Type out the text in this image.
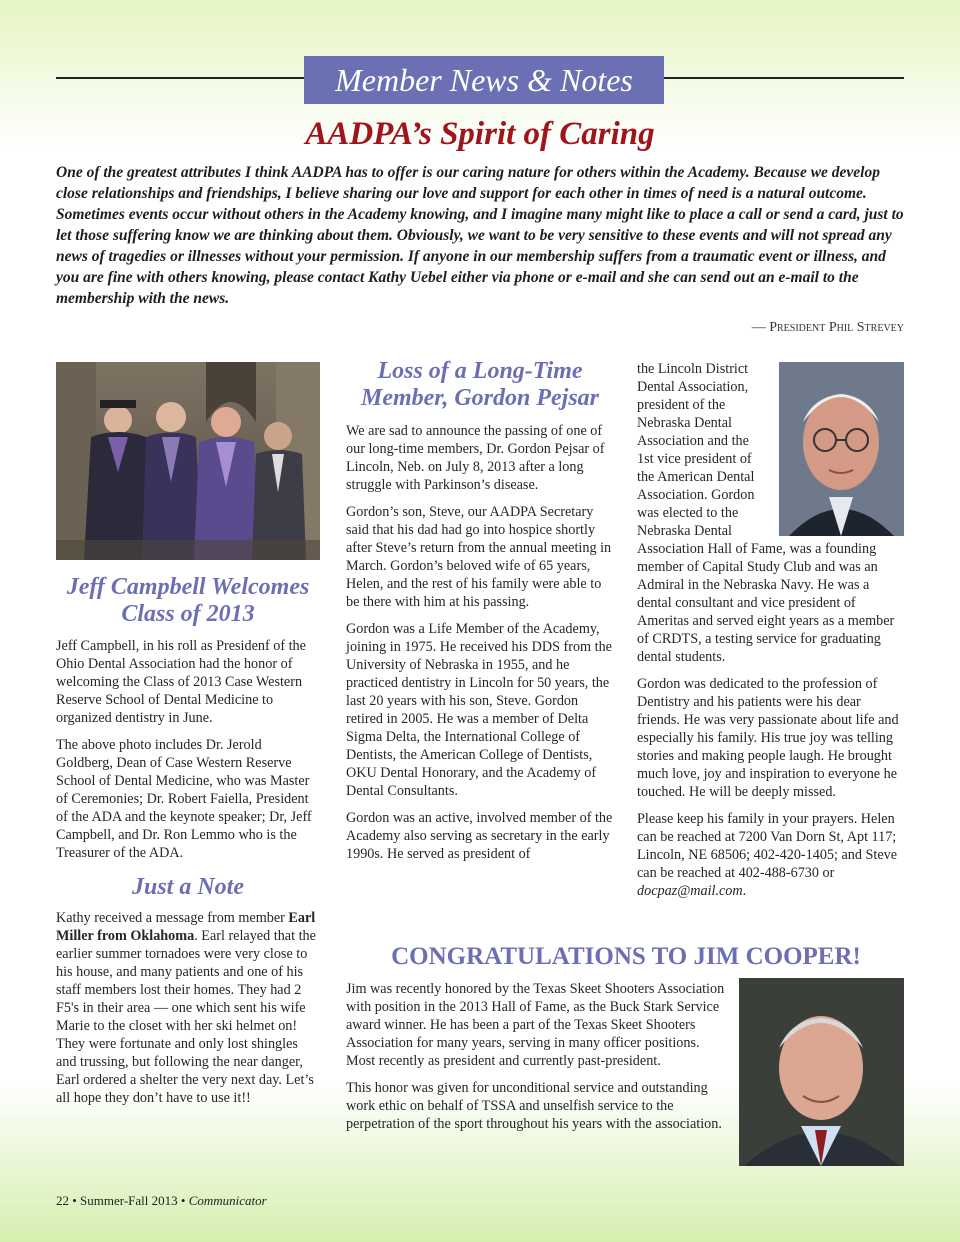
Member News & Notes
AADPA’s Spirit of Caring
One of the greatest attributes I think AADPA has to offer is our caring nature for others within the Academy. Because we develop close relationships and friendships, I believe sharing our love and support for each other in times of need is a natural outcome. Sometimes events occur without others in the Academy knowing, and I imagine many might like to place a call or send a card, just to let those suffering know we are thinking about them. Obviously, we want to be very sensitive to these events and will not spread any news of tragedies or illnesses without your permission. If anyone in our membership suffers from a traumatic event or illness, and you are fine with others knowing, please contact Kathy Uebel either via phone or e-mail and she can send out an e-mail to the membership with the news.
— President Phil Strevey
Jeff Campbell Welcomes Class of 2013

Jeff Campbell, in his roll as Presidenf of the Ohio Dental Association had the honor of welcoming the Class of 2013 Case Western Reserve School of Dental Medicine to organized dentistry in June.

The above photo includes Dr. Jerold Goldberg, Dean of Case Western Reserve School of Dental Medicine, who was Master of Ceremonies; Dr. Robert Faiella, President of the ADA and the keynote speaker; Dr, Jeff Campbell, and Dr. Ron Lemmo who is the Treasurer of the ADA.

Just a Note

Kathy received a message from member Earl Miller from Oklahoma. Earl relayed that the earlier summer tornadoes were very close to his house, and many patients and one of his staff members lost their homes. They had 2 F5's in their area — one which sent his wife Marie to the closet with her ski helmet on! They were fortunate and only lost shingles and trussing, but following the near danger, Earl ordered a shelter the very next day. Let’s all hope they don’t have to use it!!

Loss of a Long-Time Member, Gordon Pejsar

We are sad to announce the passing of one of our long-time members, Dr. Gordon Pejsar of Lincoln, Neb. on July 8, 2013 after a long struggle with Parkinson’s disease.

Gordon’s son, Steve, our AADPA Secretary said that his dad had go into hospice shortly after Steve’s return from the annual meeting in March. Gordon’s beloved wife of 65 years, Helen, and the rest of his family were able to be there with him at his passing.

Gordon was a Life Member of the Academy, joining in 1975. He received his DDS from the University of Nebraska in 1955, and he practiced dentistry in Lincoln for 50 years, the last 20 years with his son, Steve. Gordon retired in 2005. He was a member of Delta Sigma Delta, the International College of Dentists, the American College of Dentists, OKU Dental Honorary, and the Academy of Dental Consultants.

Gordon was an active, involved member of the Academy also serving as secretary in the early 1990s. He served as president of

the Lincoln District Dental Association, president of the Nebraska Dental Association and the 1st vice president of the American Dental Association. Gordon was elected to the Nebraska Dental

Association Hall of Fame, was a founding member of Capital Study Club and was an Admiral in the Nebraska Navy. He was a dental consultant and vice president of Ameritas and served eight years as a member of CRDTS, a testing service for graduating dental students.

Gordon was dedicated to the profession of Dentistry and his patients were his dear friends. He was very passionate about life and especially his family. His true joy was telling stories and making people laugh. He brought much love, joy and inspiration to everyone he touched. He will be deeply missed.

Please keep his family in your prayers. Helen can be reached at 7200 Van Dorn St, Apt 117; Lincoln, NE 68506; 402-420-1405; and Steve can be reached at 402-488-6730 or docpaz@mail.com.

CONGRATULATIONS TO JIM COOPER!

Jim was recently honored by the Texas Skeet Shooters Association with position in the 2013 Hall of Fame, as the Buck Stark Service award winner. He has been a part of the Texas Skeet Shooters Association for many years, serving in many officer positions. Most recently as president and currently past-president.

This honor was given for unconditional service and outstanding work ethic on behalf of TSSA and unselfish service to the perpetration of the sport throughout his years with the association.

22 • Summer-Fall 2013 • Communicator
